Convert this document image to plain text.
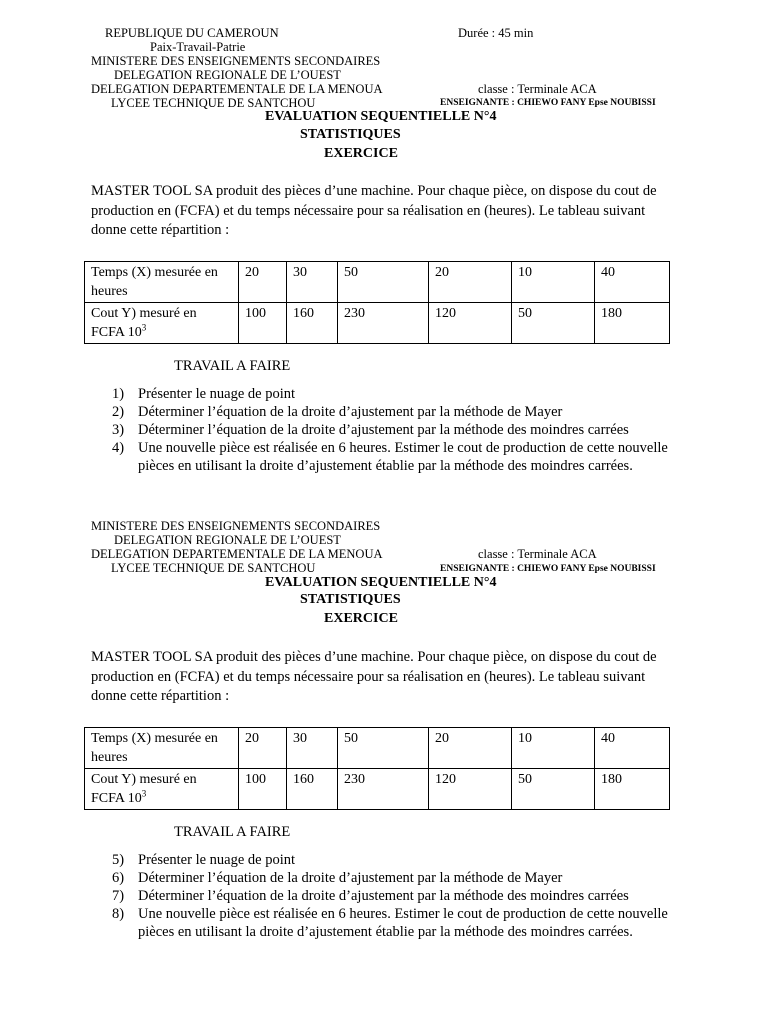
REPUBLIQUE DU CAMEROUN	Durée : 45 min
Paix-Travail-Patrie
MINISTERE DES ENSEIGNEMENTS SECONDAIRES
DELEGATION REGIONALE DE L’OUEST
DELEGATION DEPARTEMENTALE DE LA MENOUA	classe : Terminale ACA
LYCEE TECHNIQUE DE SANTCHOU	ENSEIGNANTE : CHIEWO FANY Epse NOUBISSI
EVALUATION SEQUENTIELLE N°4
STATISTIQUES
EXERCICE
MASTER TOOL SA produit des pièces d’une machine. Pour chaque pièce, on dispose du cout de production en (FCFA) et du temps nécessaire pour sa réalisation en (heures). Le tableau suivant donne cette répartition :
Temps (X) mesurée en heures	20	30	50	20	10	40
Cout Y) mesuré en FCFA $10^3$	100	160	230	120	50	180
TRAVAIL A FAIRE
1) Présenter le nuage de point
2) Déterminer l’équation de la droite d’ajustement par la méthode de Mayer
3) Déterminer l’équation de la droite d’ajustement par la méthode des moindres carrées
4) Une nouvelle pièce est réalisée en 6 heures. Estimer le cout de production de cette nouvelle pièces en utilisant la droite d’ajustement établie par la méthode des moindres carrées.
MINISTERE DES ENSEIGNEMENTS SECONDAIRES
DELEGATION REGIONALE DE L’OUEST
DELEGATION DEPARTEMENTALE DE LA MENOUA	classe : Terminale ACA
LYCEE TECHNIQUE DE SANTCHOU	ENSEIGNANTE : CHIEWO FANY Epse NOUBISSI
EVALUATION SEQUENTIELLE N°4
STATISTIQUES
EXERCICE
MASTER TOOL SA produit des pièces d’une machine. Pour chaque pièce, on dispose du cout de production en (FCFA) et du temps nécessaire pour sa réalisation en (heures). Le tableau suivant donne cette répartition :
Temps (X) mesurée en heures	20	30	50	20	10	40
Cout Y) mesuré en FCFA $10^3$	100	160	230	120	50	180
TRAVAIL A FAIRE
5) Présenter le nuage de point
6) Déterminer l’équation de la droite d’ajustement par la méthode de Mayer
7) Déterminer l’équation de la droite d’ajustement par la méthode des moindres carrées
8) Une nouvelle pièce est réalisée en 6 heures. Estimer le cout de production de cette nouvelle pièces en utilisant la droite d’ajustement établie par la méthode des moindres carrées.
